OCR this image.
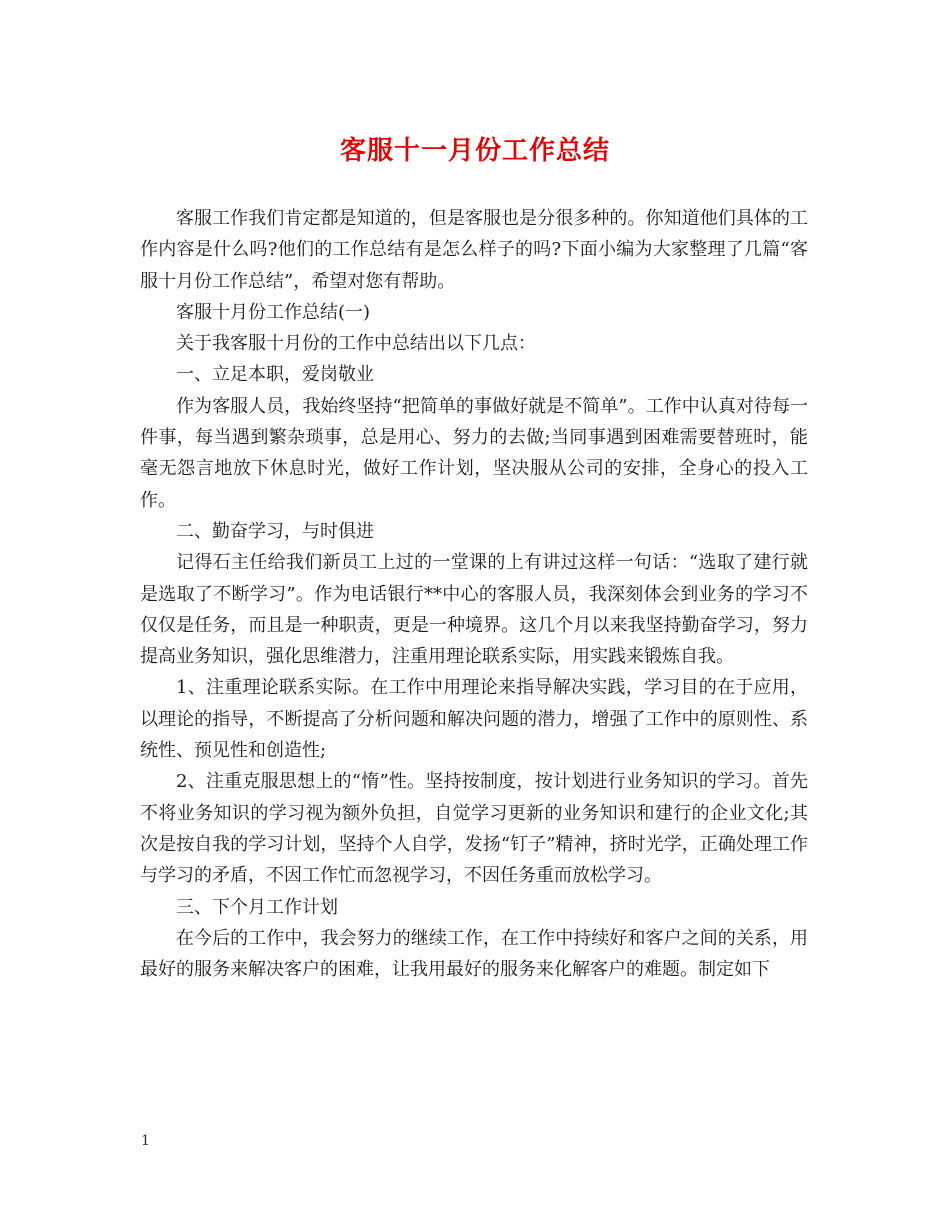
客服十一月份工作总结

客服工作我们肯定都是知道的，但是客服也是分很多种的。你知道他们具体的工作内容是什么吗?他们的工作总结有是怎么样子的吗?下面小编为大家整理了几篇“客服十月份工作总结”，希望对您有帮助。

客服十月份工作总结(一)

关于我客服十月份的工作中总结出以下几点：

一、立足本职，爱岗敬业

作为客服人员，我始终坚持“把简单的事做好就是不简单”。工作中认真对待每一件事，每当遇到繁杂琐事，总是用心、努力的去做;当同事遇到困难需要替班时，能毫无怨言地放下休息时光，做好工作计划，坚决服从公司的安排，全身心的投入工作。

二、勤奋学习，与时俱进

记得石主任给我们新员工上过的一堂课的上有讲过这样一句话：“选取了建行就是选取了不断学习”。作为电话银行**中心的客服人员，我深刻体会到业务的学习不仅仅是任务，而且是一种职责，更是一种境界。这几个月以来我坚持勤奋学习，努力提高业务知识，强化思维潜力，注重用理论联系实际，用实践来锻炼自我。

1、注重理论联系实际。在工作中用理论来指导解决实践，学习目的在于应用，以理论的指导，不断提高了分析问题和解决问题的潜力，增强了工作中的原则性、系统性、预见性和创造性;

2、注重克服思想上的“惰”性。坚持按制度，按计划进行业务知识的学习。首先不将业务知识的学习视为额外负担，自觉学习更新的业务知识和建行的企业文化;其次是按自我的学习计划，坚持个人自学，发扬“钉子”精神，挤时光学，正确处理工作与学习的矛盾，不因工作忙而忽视学习，不因任务重而放松学习。

三、下个月工作计划

在今后的工作中，我会努力的继续工作，在工作中持续好和客户之间的关系，用最好的服务来解决客户的困难，让我用最好的服务来化解客户的难题。制定如下

1
